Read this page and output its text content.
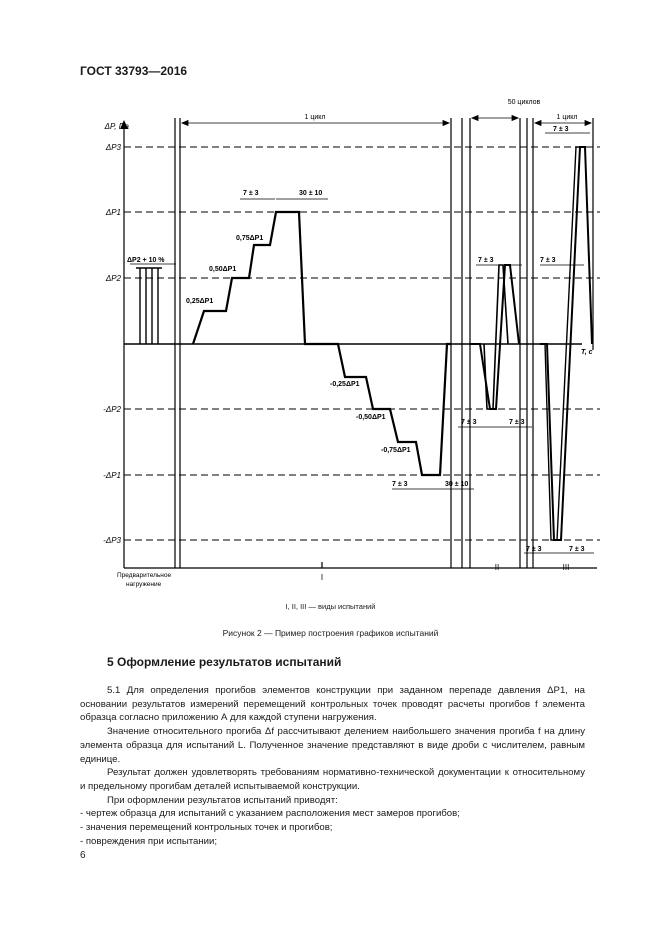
ГОСТ 33793—2016
ΔP, Па
ΔP3
ΔP1
ΔP2
-ΔP2
-ΔP1
-ΔP3
1 цикл
50 циклов
1 цикл
ΔP2 + 10 %
0,25ΔP1
0,50ΔP1
0,75ΔP1
-0,25ΔP1
-0,50ΔP1
-0,75ΔP1
7 ± 3	30 ± 10
7 ± 3	30 ± 10
7 ± 3
7 ± 3	7 ± 3
7 ± 3
7 ± 3
7 ± 3	7 ± 3
T, с
Предварительное
нагружение
I
II	III
I, II, III — виды испытаний
Рисунок 2 — Пример построения графиков испытаний
5 Оформление результатов испытаний

5.1 Для определения прогибов элементов конструкции при заданном перепаде давления ΔP1, на основании результатов измерений перемещений контрольных точек проводят расчеты прогибов f элемента образца согласно приложению А для каждой ступени нагружения.

Значение относительного прогиба Δf рассчитывают делением наибольшего значения прогиба f на длину элемента образца для испытаний L. Полученное значение представляют в виде дроби с числителем, равным единице.

Результат должен удовлетворять требованиям нормативно-технической документации к относительному и предельному прогибам деталей испытываемой конструкции.

При оформлении результатов испытаний приводят:

- чертеж образца для испытаний с указанием расположения мест замеров прогибов;

- значения перемещений контрольных точек и прогибов;

- повреждения при испытании;

6
